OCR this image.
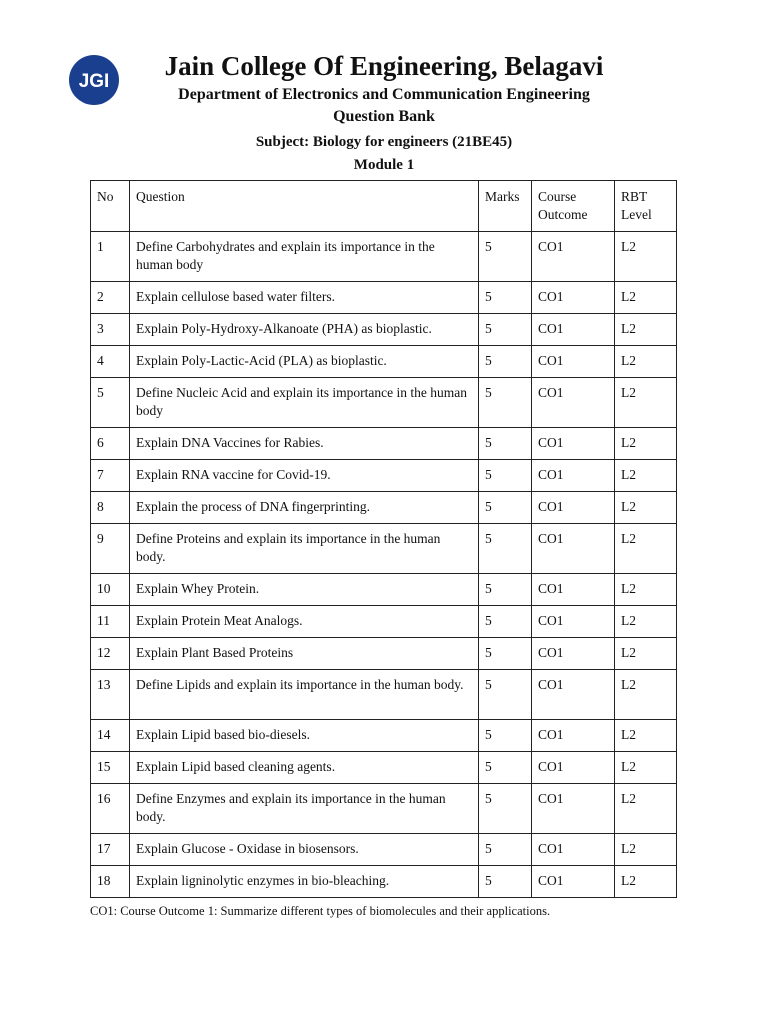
JGI
Jain College Of Engineering, Belagavi
Department of Electronics and Communication Engineering
Question Bank
Subject: Biology for engineers (21BE45)
Module 1
No	Question	Marks	Course Outcome	RBT Level
1	Define Carbohydrates and explain its importance in the human body	5	CO1	L2
2	Explain cellulose based water filters.	5	CO1	L2
3	Explain Poly-Hydroxy-Alkanoate (PHA) as bioplastic.	5	CO1	L2
4	Explain Poly-Lactic-Acid (PLA) as bioplastic.	5	CO1	L2
5	Define Nucleic Acid and explain its importance in the human body	5	CO1	L2
6	Explain DNA Vaccines for Rabies.	5	CO1	L2
7	Explain RNA vaccine for Covid-19.	5	CO1	L2
8	Explain the process of DNA fingerprinting.	5	CO1	L2
9	Define Proteins and explain its importance in the human body.	5	CO1	L2
10	Explain Whey Protein.	5	CO1	L2
11	Explain Protein Meat Analogs.	5	CO1	L2
12	Explain Plant Based Proteins	5	CO1	L2
13	Define Lipids and explain its importance in the human body.	5	CO1	L2
14	Explain Lipid based bio-diesels.	5	CO1	L2
15	Explain Lipid based cleaning agents.	5	CO1	L2
16	Define Enzymes and explain its importance in the human body.	5	CO1	L2
17	Explain Glucose - Oxidase in biosensors.	5	CO1	L2
18	Explain ligninolytic enzymes in bio-bleaching.	5	CO1	L2
CO1: Course Outcome 1: Summarize different types of biomolecules and their applications.
